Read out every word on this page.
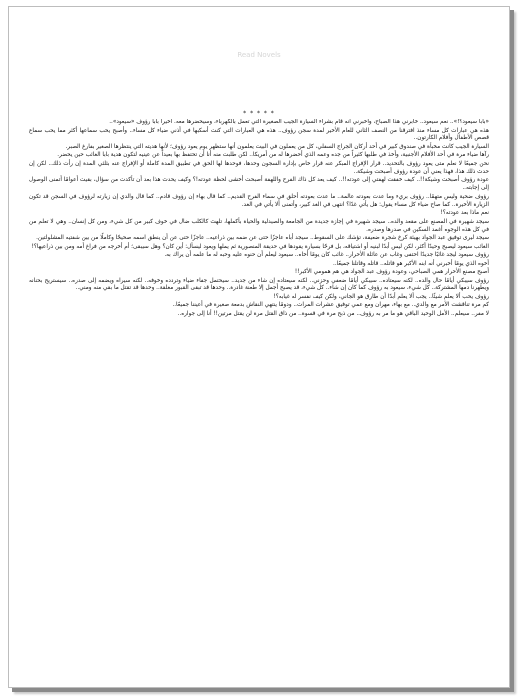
Read Novels
* * * * *

«بابا سيعود؟!».. نعم سيعود.. خابرني هذا الصباح، وأخبرني أنه قام بشراء السيارة الجيب الصغيرة التي تعمل بالكهرباء، وسيحضرها معه. أخيراً بابا رؤوف «سيعود»..

هذه هي عبارات كل مساء منذ افترقنا من النصف الثاني للعام الأخير لمدة سجن رؤوف.. هذه هي العبارات التي كنت أسكبها في أذني ضياء كل مساء.. وأصبح يحب سماعها أكثر مما يحب سماع قصص الأطفال وأفلام الكارتون..

السيارة الجيب كانت مخبأة في صندوق كبير في أحد أركان الجراج السفلي، كل من يعملون في البيت يعلمون أنها ستظهر يوم يعود رؤوف؛ لأنها هديته التي ينتظرها الصغير بفارغ الصبر.

رآها ضياء مرة في أحد الأفلام الأجنبية، وأخذ في طلبها كثيراً من جده وعمه الذي أحضرها له من أمريكا.. لكن طلبت منه أنا أن تحتفظ بها بعيداً عن عينيه لتكون هدية بابا الغائب حين يحضر.

نحن جميعًا لا نعلم متى يعود رؤوف بالتحديد.. قرار الإفراج المبكر عنه قرار خاص بإدارة السجون وحدها، فوحدها لها الحق في تطبيق المدة كاملة أو الإفراج عنه بثلثي المدة إن رأت ذلك.. لكن إن حدث ذلك هذا، فهذا يعني أن عودة رؤوف أصبحت وشيكة..

عودة رؤوف أصبحت وشيكة!!.. كيف خفقت لهفتي إلى عودته!!.. كيف يعد كل ذاك الفرح واللهفة أصبحت أخشى لحظة عودته!؟ وكيف يحدث هذا بعد أن تأكدت من سؤال، بقيت أعوامًا أتمنى الوصول إلى إجابته..

رؤوف ضحية وليس متهمًا.. رؤوف بريء وما عدت بعودته عالمة.. ما عدت بعودته أحلق في سماء الفرح القديم.. كما قال بهاء إن رؤوف قادم.. كما قال والدي إن زيارته لرؤوف في السجن قد تكون الزيارة الأخيرة.. كما صاح ضياء كل مساء يقول: هل يأتي غدًا؟ انتهى في الغد كبير، وأتمنى ألا يأتي في الغد.

نعم ماذا بعد عودته؟!

سيجد شهيرة في المصنع على مقعد والده.. سيجد شهيرة في إجازة جديدة من الجامعة والصيدلية والحياة بأكملها، تلهث كالكلب ضال في خوف كبير من كل شيء، ومن كل إنسان.. وهي لا تعلم من في كل هذه الوجوه أغمد السكين في صدرها وصدره.

سيجد ليرى توفيق عبد الجواد بهيئة كرخ شجرة ضعيفة، تؤشك على السقوط.. سيجد أباه عاجزًا حتى عن ضمه بين ذراعيه.. عاجزًا حتى عن أن ينطق اسمه صحيحًا وكاملًا من بين شفتيه المشلولتين.

الغائب سيعود ليصبح وحيدًا أكثر، لكن ليس أبدًا لبنيه أو اشتياقه، بل فرحًا بسيارة يقودها في حديقة المنصورية ثم يملها ويعود ليسأل: أين كان؟ وهل سيبقى؛ أم أخرجه من فراغ أمه ومن بين ذراعيها؟!

رؤوف سيعود ليجد غائبًا جديدًا احتفى وغاب عن عائلة الأحرار.. غائب كان يومًا أخاه.. سيعود ليعلم أن حنوه عليه وحبه له ما علمه أن يراك به.

أخوه الذي يومًا أخبرني أنه ابنه الأكبر هو قاتله.. قاتله وقاتلنا جميعًا..

أصبح مصنع الأحرار همي الصباحي، وعودة رؤوف عبد الجواد هي هم همومي الأكبر!!

رؤوف سيبكي أيامًا حال والده.. لكنه سيعتاده.. سيبكي أيامًا ضعفي وحزني.. لكنه سيعتاده إن شاء من جديد.. سيحتمل جفاء ضياء وتردده وخوفه.. لكنه سيراه ويضمه إلى صدره.. سيستريح بحنانه ويطهرنا دمها المشتركة.. كل شيء، سيعود به رؤوف كما كان إن شاء.. كل شيء، قد يصبح أجمل إلا طعنة غادرة.. وحدها قد تبقى القبور مغلقة.. وحدها قد تقتل ما بقي منه ومني..

رؤوف يحب ألا يعلم شيئًا.. يجب ألا يعلم أبدًا أن طارق هو الجاني، ولكن كيف نفسر له غيابه؟!

كم مرة تناقشت الأمر مع والدي.. مع بهاء، مهران ومع عمي توفيق عشرات المرات.. ودومًا ينتهي النقاش بدمعة صغيرة في أعيننا جميعًا..

لا مفر.. سيعلم.. الأمل الوحيد الباقي هو ما مر به رؤوف.. من ذبح مرة في قسوة.. من ذاق القتل مرة لن يقتل مرتين!! أنا إلى جواره..
